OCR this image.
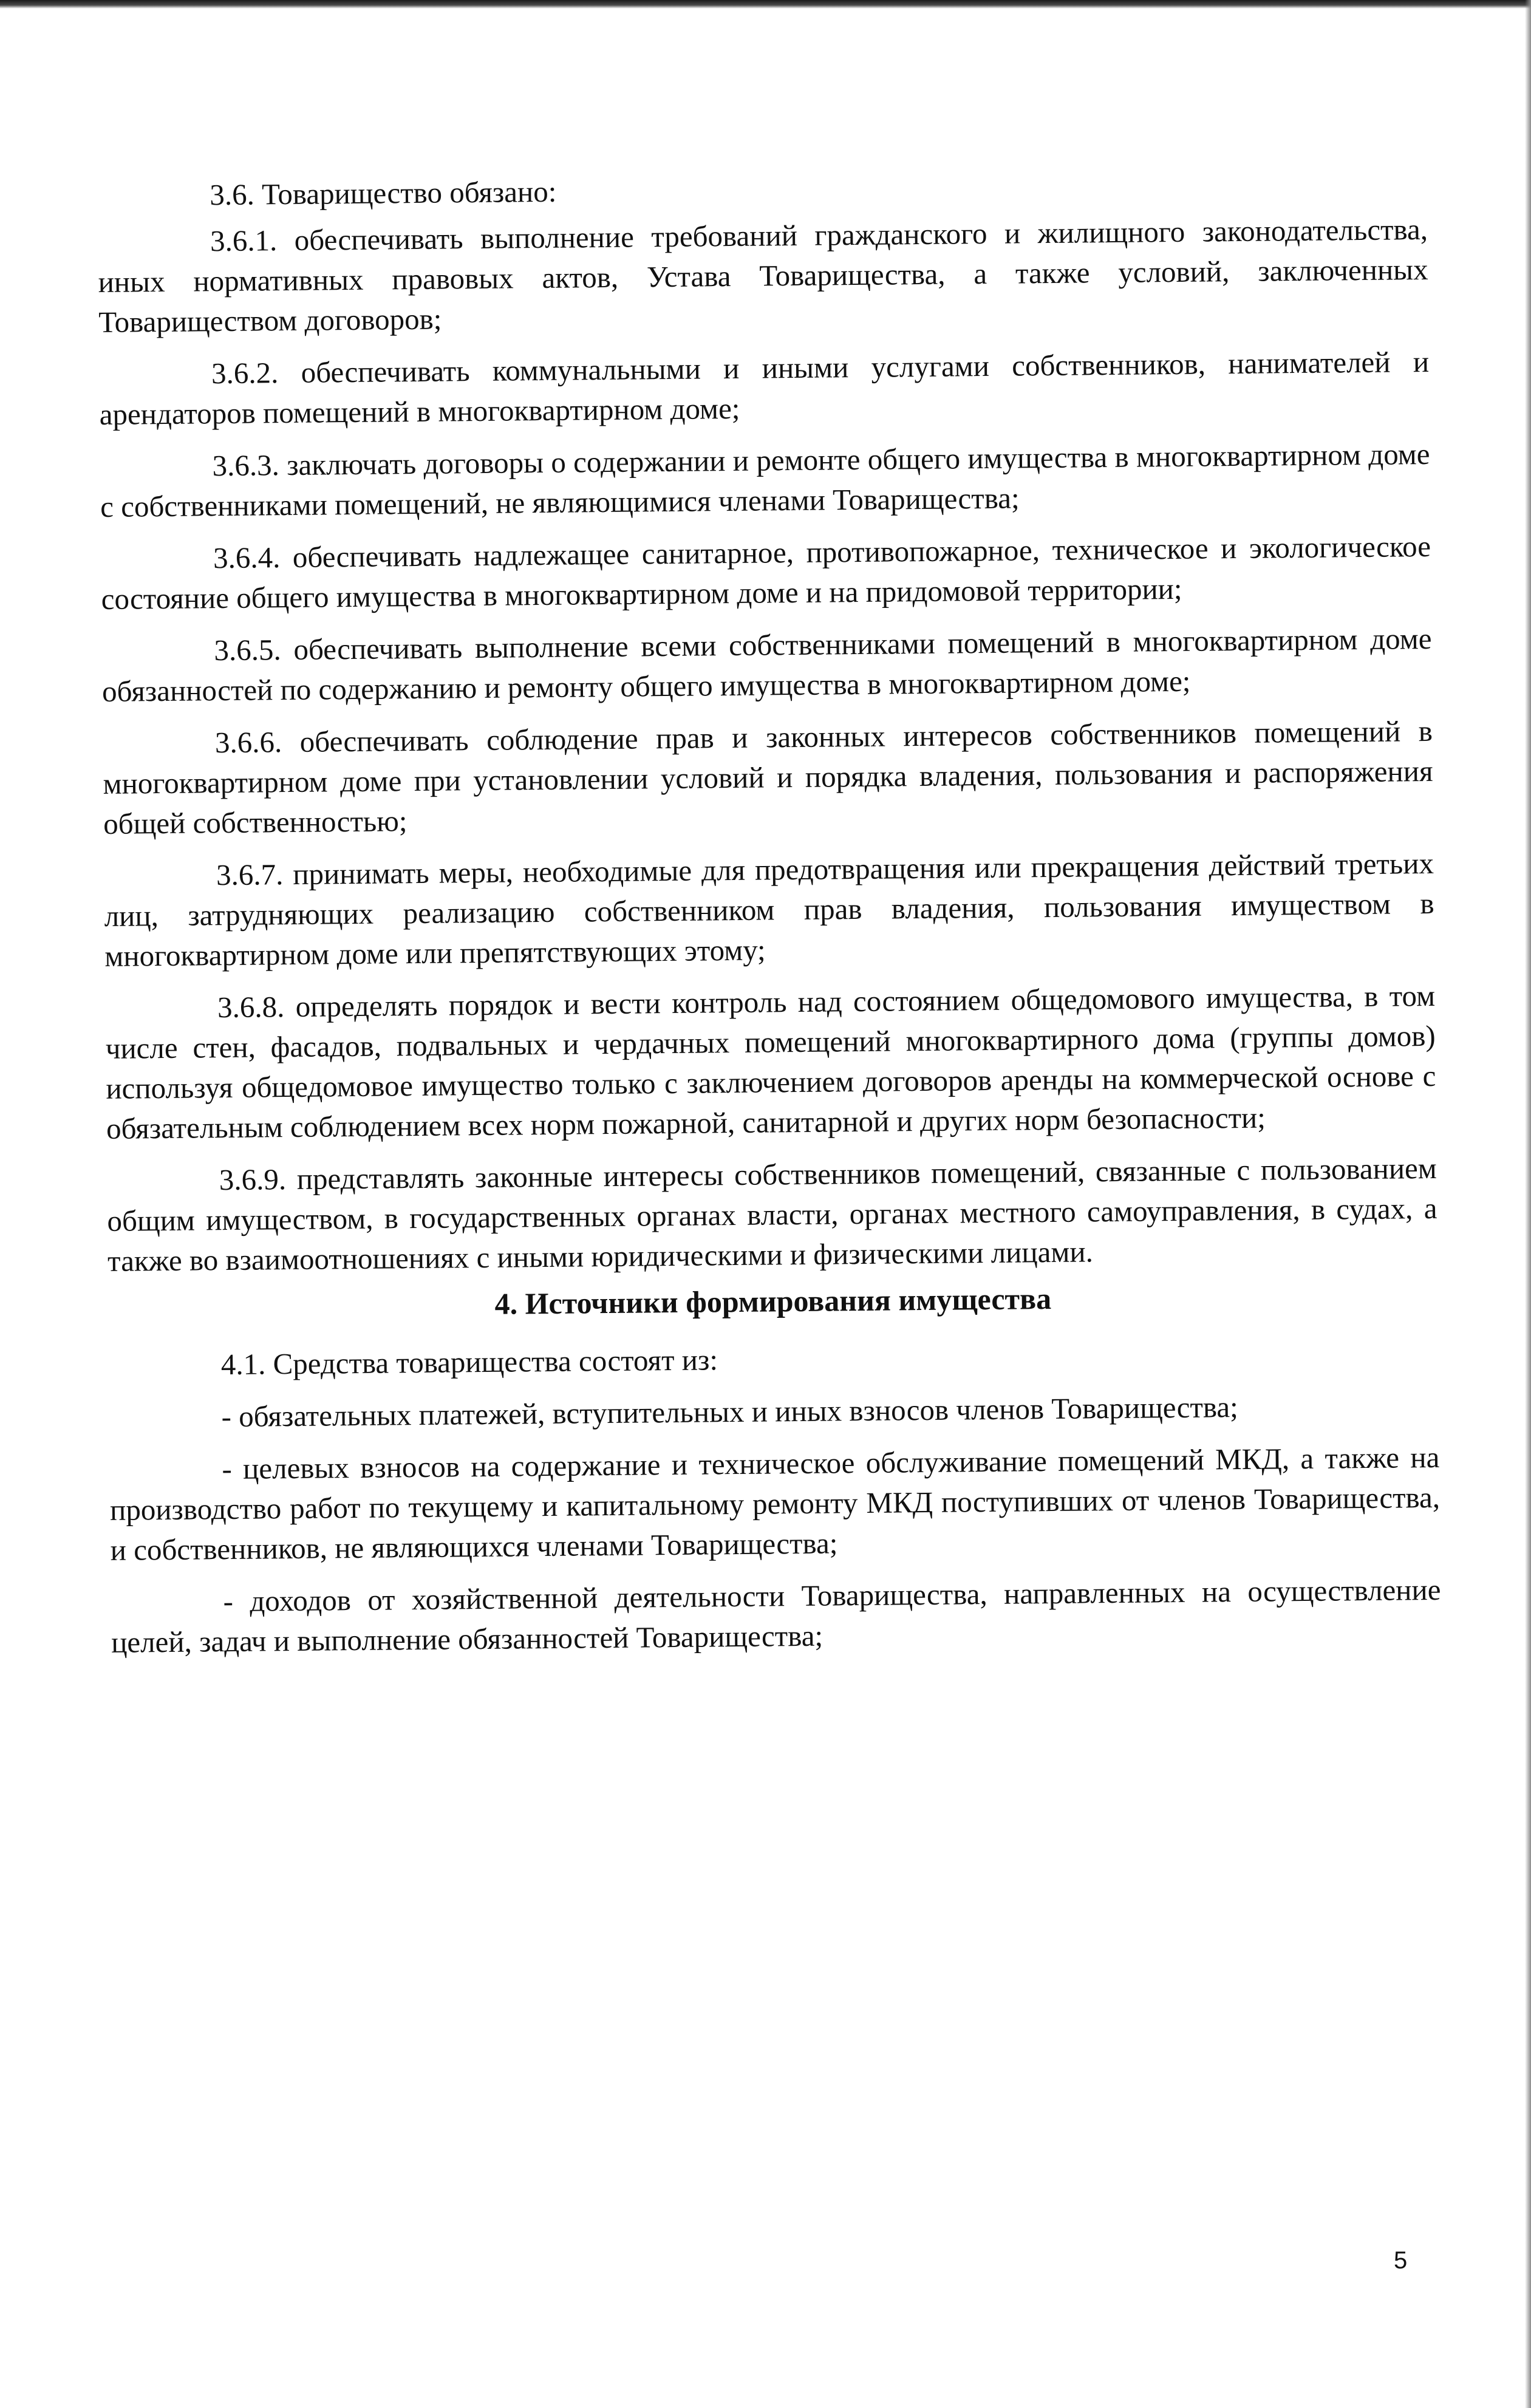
3.6. Товарищество обязано:

3.6.1. обеспечивать выполнение требований гражданского и жилищного законодательства, иных нормативных правовых актов, Устава Товарищества, а также условий, заключенных Товариществом договоров;

3.6.2. обеспечивать коммунальными и иными услугами собственников, нанимателей и арендаторов помещений в многоквартирном доме;

3.6.3. заключать договоры о содержании и ремонте общего имущества в многоквартирном доме с собственниками помещений, не являющимися членами Товарищества;

3.6.4. обеспечивать надлежащее санитарное, противопожарное, техническое и экологическое состояние общего имущества в многоквартирном доме и на придомовой территории;

3.6.5. обеспечивать выполнение всеми собственниками помещений в многоквартирном доме обязанностей по содержанию и ремонту общего имущества в многоквартирном доме;

3.6.6. обеспечивать соблюдение прав и законных интересов собственников помещений в многоквартирном доме при установлении условий и порядка владения, пользования и распоряжения общей собственностью;

3.6.7. принимать меры, необходимые для предотвращения или прекращения действий третьих лиц, затрудняющих реализацию собственником прав владения, пользования имуществом в многоквартирном доме или препятствующих этому;

3.6.8. определять порядок и вести контроль над состоянием общедомового имущества, в том числе стен, фасадов, подвальных и чердачных помещений многоквартирного дома (группы домов) используя общедомовое имущество только с заключением договоров аренды на коммерческой основе с обязательным соблюдением всех норм пожарной, санитарной и других норм безопасности;

3.6.9. представлять законные интересы собственников помещений, связанные с пользованием общим имуществом, в государственных органах власти, органах местного самоуправления, в судах, а также во взаимоотношениях с иными юридическими и физическими лицами.

4. Источники формирования имущества

4.1. Средства товарищества состоят из:

- обязательных платежей, вступительных и иных взносов членов Товарищества;

- целевых взносов на содержание и техническое обслуживание помещений МКД, а также на производство работ по текущему и капитальному ремонту МКД поступивших от членов Товарищества, и собственников, не являющихся членами Товарищества;

- доходов от хозяйственной деятельности Товарищества, направленных на осуществление целей, задач и выполнение обязанностей Товарищества;

5
